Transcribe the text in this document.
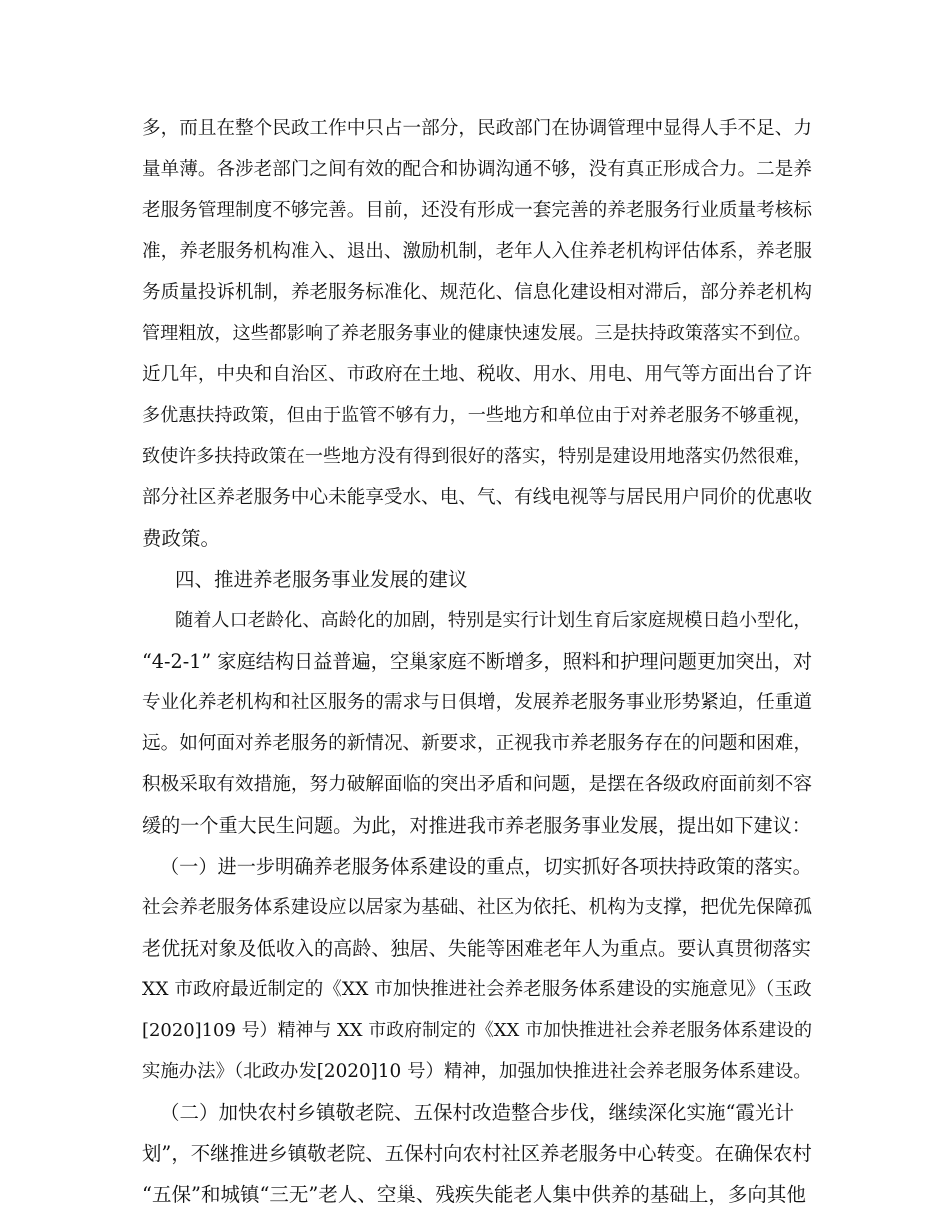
多，而且在整个民政工作中只占一部分，民政部门在协调管理中显得人手不足、力
量单薄。各涉老部门之间有效的配合和协调沟通不够，没有真正形成合力。二是养
老服务管理制度不够完善。目前，还没有形成一套完善的养老服务行业质量考核标
准，养老服务机构准入、退出、激励机制，老年人入住养老机构评估体系，养老服
务质量投诉机制，养老服务标准化、规范化、信息化建设相对滞后，部分养老机构
管理粗放，这些都影响了养老服务事业的健康快速发展。三是扶持政策落实不到位。
近几年，中央和自治区、市政府在土地、税收、用水、用电、用气等方面出台了许
多优惠扶持政策，但由于监管不够有力，一些地方和单位由于对养老服务不够重视，
致使许多扶持政策在一些地方没有得到很好的落实，特别是建设用地落实仍然很难，
部分社区养老服务中心未能享受水、电、气、有线电视等与居民用户同价的优惠收
费政策。
四、推进养老服务事业发展的建议
随着人口老龄化、高龄化的加剧，特别是实行计划生育后家庭规模日趋小型化，
“4-2-1” 家庭结构日益普遍，空巢家庭不断增多，照料和护理问题更加突出，对
专业化养老机构和社区服务的需求与日俱增，发展养老服务事业形势紧迫，任重道
远。如何面对养老服务的新情况、新要求，正视我市养老服务存在的问题和困难，
积极采取有效措施，努力破解面临的突出矛盾和问题，是摆在各级政府面前刻不容
缓的一个重大民生问题。为此，对推进我市养老服务事业发展，提出如下建议：
（一）进一步明确养老服务体系建设的重点，切实抓好各项扶持政策的落实。
社会养老服务体系建设应以居家为基础、社区为依托、机构为支撑，把优先保障孤
老优抚对象及低收入的高龄、独居、失能等困难老年人为重点。要认真贯彻落实
XX 市政府最近制定的《XX 市加快推进社会养老服务体系建设的实施意见》（玉政
[2020]109 号）精神与 XX 市政府制定的《XX 市加快推进社会养老服务体系建设的
实施办法》（北政办发[2020]10 号）精神，加强加快推进社会养老服务体系建设。
（二）加快农村乡镇敬老院、五保村改造整合步伐，继续深化实施“霞光计
划”，不继推进乡镇敬老院、五保村向农村社区养老服务中心转变。在确保农村
“五保”和城镇“三无”老人、空巢、残疾失能老人集中供养的基础上，多向其他
